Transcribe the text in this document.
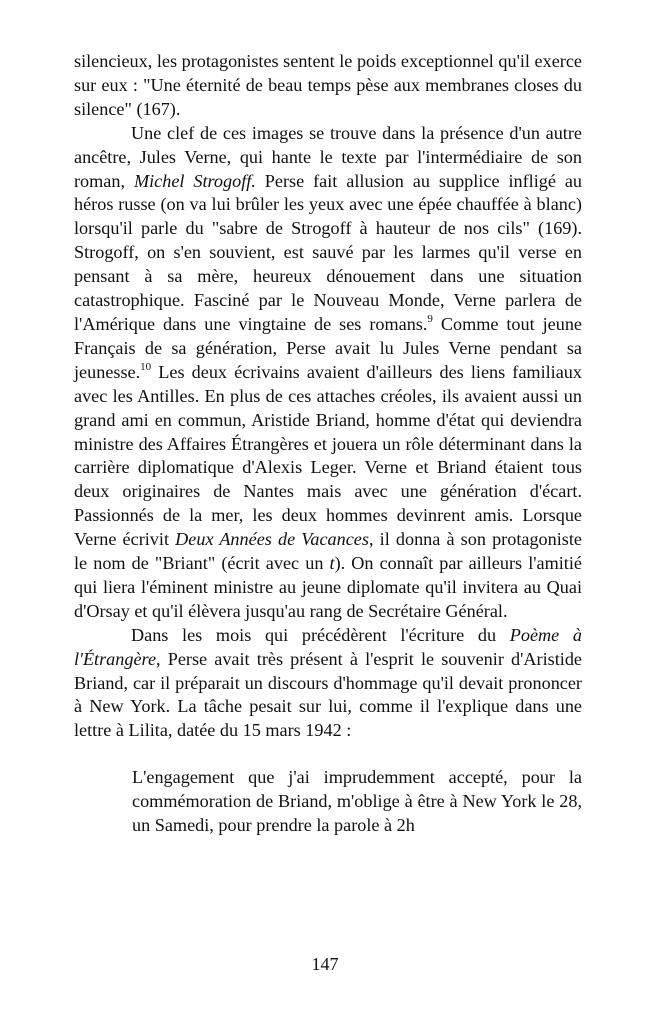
silencieux, les protagonistes sentent le poids exceptionnel qu'il exerce sur eux : "Une éternité de beau temps pèse aux membranes closes du silence" (167).

Une clef de ces images se trouve dans la présence d'un autre ancêtre, Jules Verne, qui hante le texte par l'intermédiaire de son roman, Michel Strogoff. Perse fait allusion au supplice infligé au héros russe (on va lui brûler les yeux avec une épée chauffée à blanc) lorsqu'il parle du "sabre de Strogoff à hauteur de nos cils" (169). Strogoff, on s'en souvient, est sauvé par les larmes qu'il verse en pensant à sa mère, heureux dénouement dans une situation catastrophique. Fasciné par le Nouveau Monde, Verne parlera de l'Amérique dans une vingtaine de ses romans.$^9$ Comme tout jeune Français de sa génération, Perse avait lu Jules Verne pendant sa jeunesse.$^{10}$ Les deux écrivains avaient d'ailleurs des liens familiaux avec les Antilles. En plus de ces attaches créoles, ils avaient aussi un grand ami en commun, Aristide Briand, homme d'état qui deviendra ministre des Affaires Étrangères et jouera un rôle déterminant dans la carrière diplomatique d'Alexis Leger. Verne et Briand étaient tous deux originaires de Nantes mais avec une génération d'écart. Passionnés de la mer, les deux hommes devinrent amis. Lorsque Verne écrivit Deux Années de Vacances, il donna à son protagoniste le nom de "Briant" (écrit avec un t). On connaît par ailleurs l'amitié qui liera l'éminent ministre au jeune diplomate qu'il invitera au Quai d'Orsay et qu'il élèvera jusqu'au rang de Secrétaire Général.

Dans les mois qui précédèrent l'écriture du Poème à l'Étrangère, Perse avait très présent à l'esprit le souvenir d'Aristide Briand, car il préparait un discours d'hommage qu'il devait prononcer à New York. La tâche pesait sur lui, comme il l'explique dans une lettre à Lilita, datée du 15 mars 1942 :

L'engagement que j'ai imprudemment accepté, pour la commémoration de Briand, m'oblige à être à New York le 28, un Samedi, pour prendre la parole à 2h

147
